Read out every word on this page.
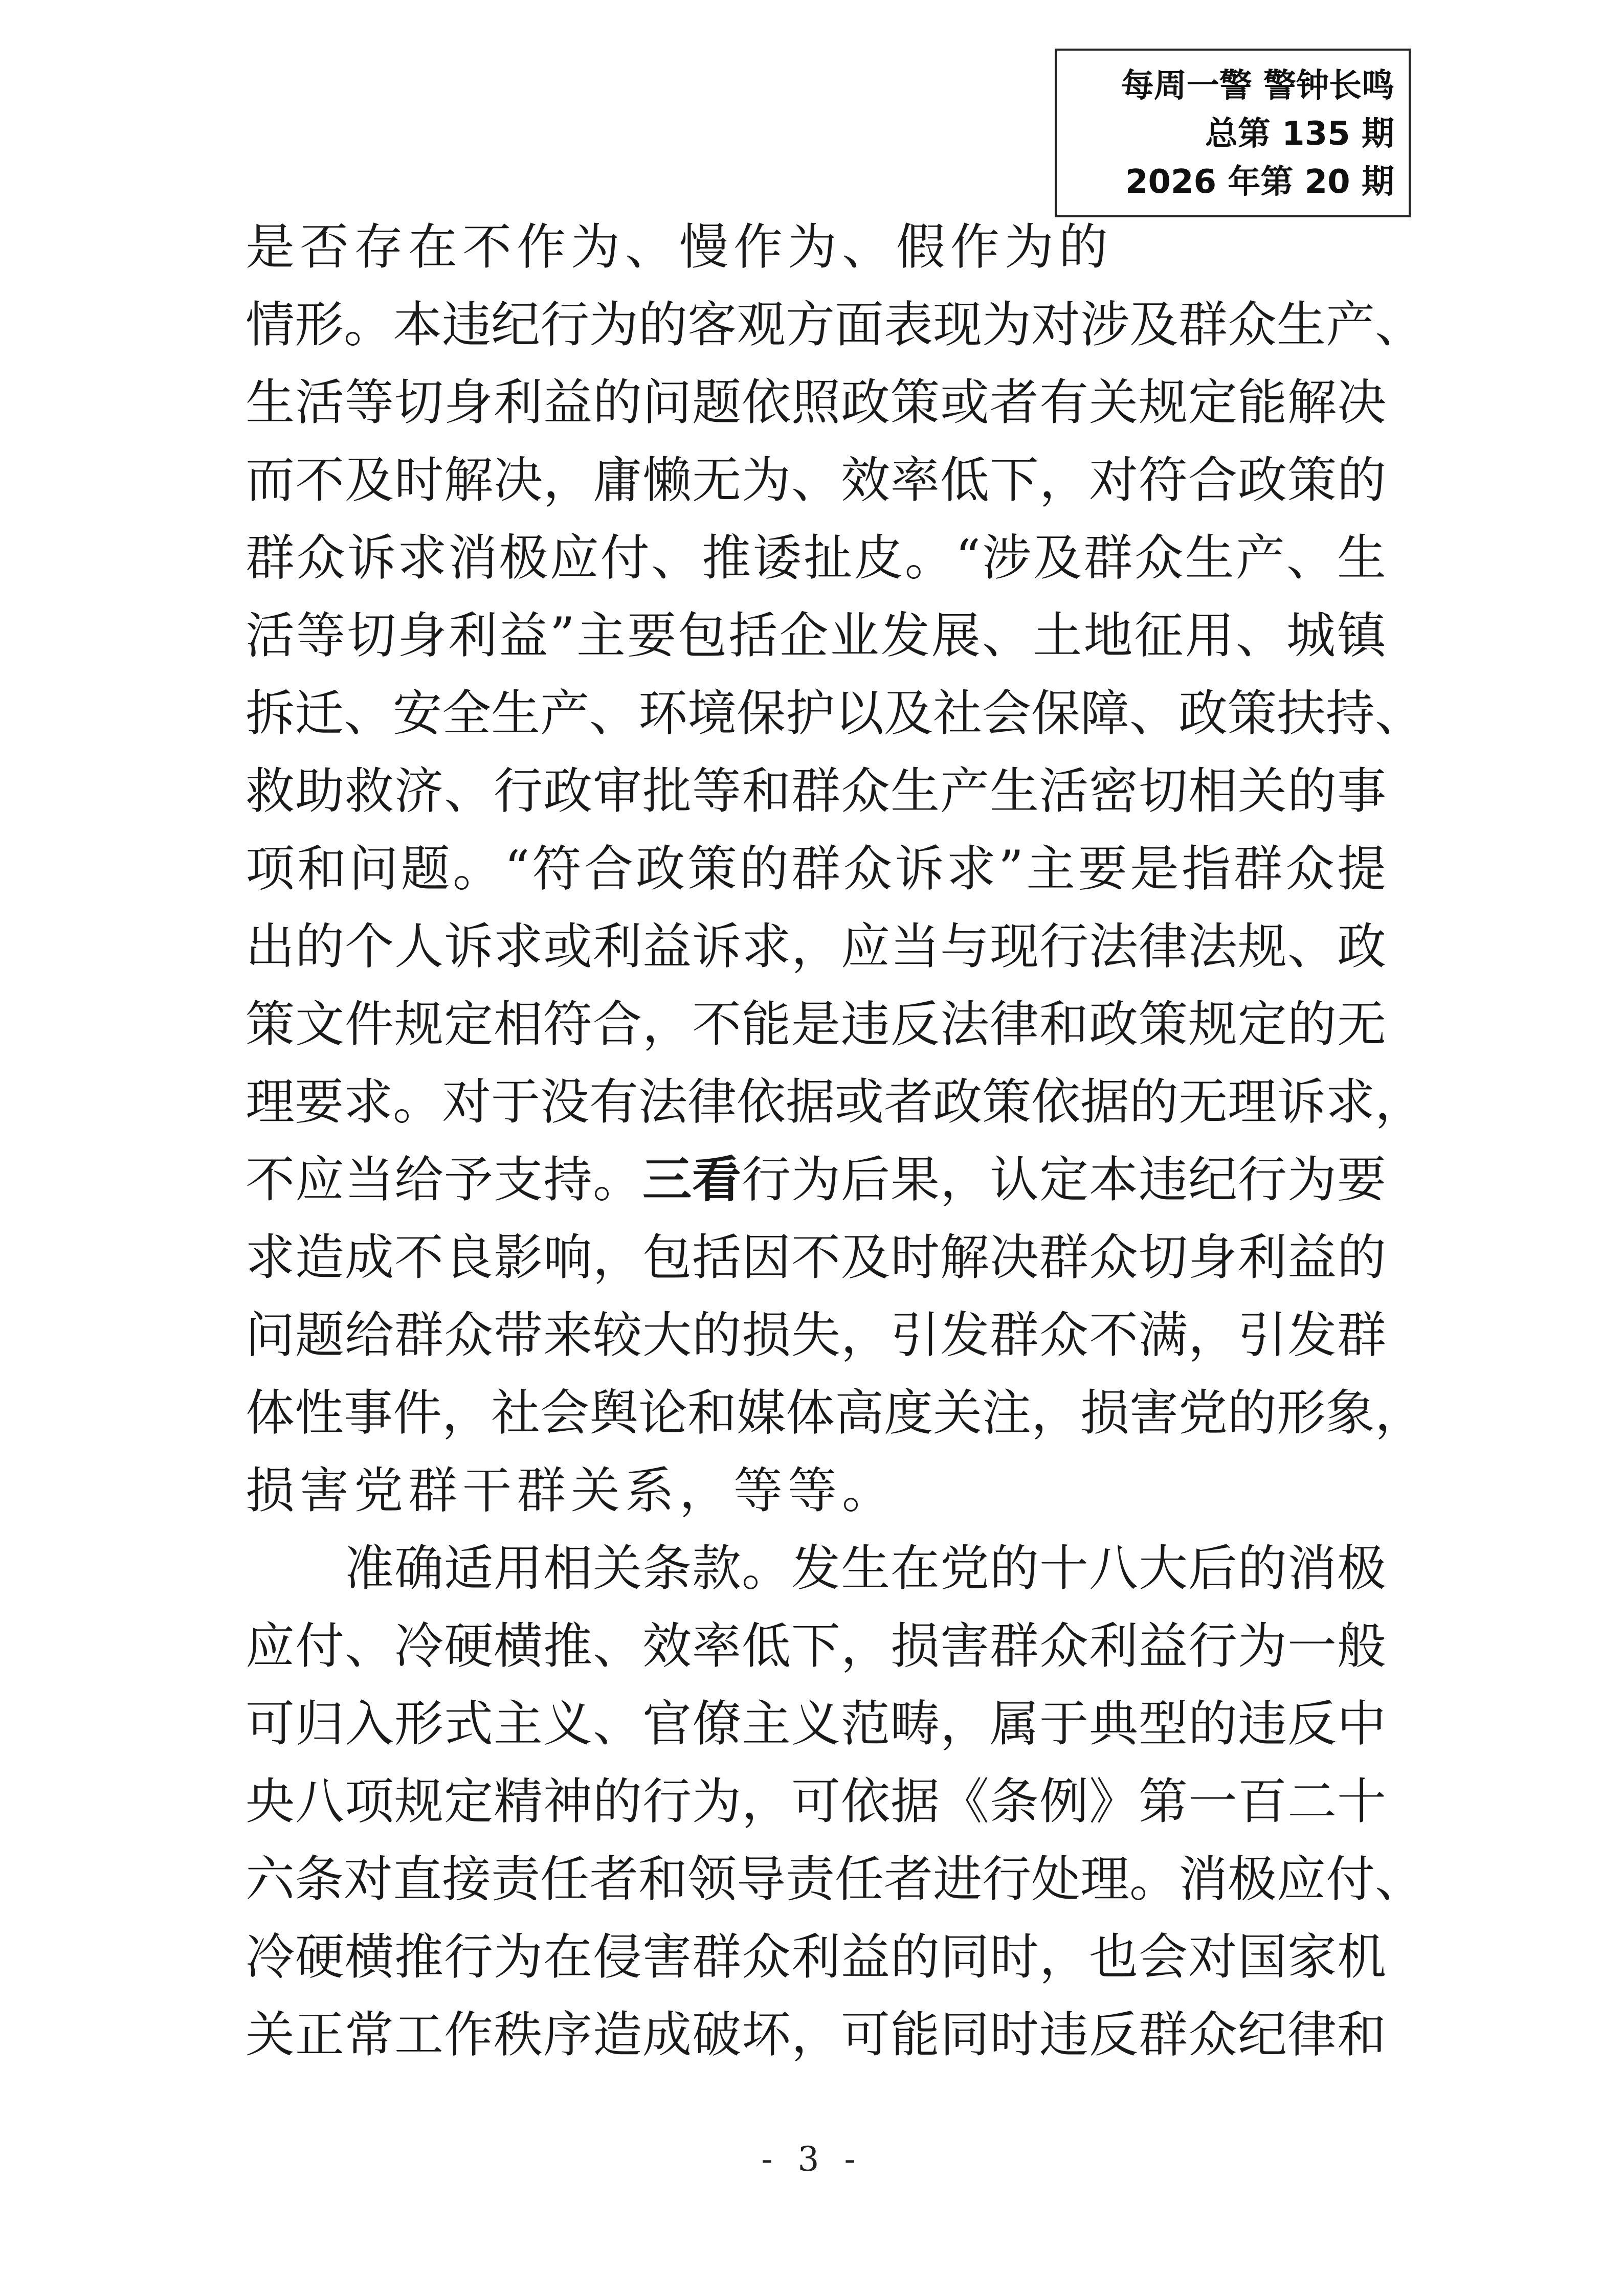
每周一警 警钟长鸣
总第 135 期
2026 年第 20 期
是否存在不作为、慢作为、假作为的
情形。本违纪行为的客观方面表现为对涉及群众生产、
生活等切身利益的问题依照政策或者有关规定能解决
而不及时解决，庸懒无为、效率低下，对符合政策的
群众诉求消极应付、推诿扯皮。“涉及群众生产、生
活等切身利益”主要包括企业发展、土地征用、城镇
拆迁、安全生产、环境保护以及社会保障、政策扶持、
救助救济、行政审批等和群众生产生活密切相关的事
项和问题。“符合政策的群众诉求”主要是指群众提
出的个人诉求或利益诉求，应当与现行法律法规、政
策文件规定相符合，不能是违反法律和政策规定的无
理要求。对于没有法律依据或者政策依据的无理诉求，
不应当给予支持。三看行为后果，认定本违纪行为要
求造成不良影响，包括因不及时解决群众切身利益的
问题给群众带来较大的损失，引发群众不满，引发群
体性事件，社会舆论和媒体高度关注，损害党的形象，
损害党群干群关系，等等。
准确适用相关条款。发生在党的十八大后的消极
应付、冷硬横推、效率低下，损害群众利益行为一般
可归入形式主义、官僚主义范畴，属于典型的违反中
央八项规定精神的行为，可依据《条例》第一百二十
六条对直接责任者和领导责任者进行处理。消极应付、
冷硬横推行为在侵害群众利益的同时，也会对国家机
关正常工作秩序造成破坏，可能同时违反群众纪律和
- 3 -
